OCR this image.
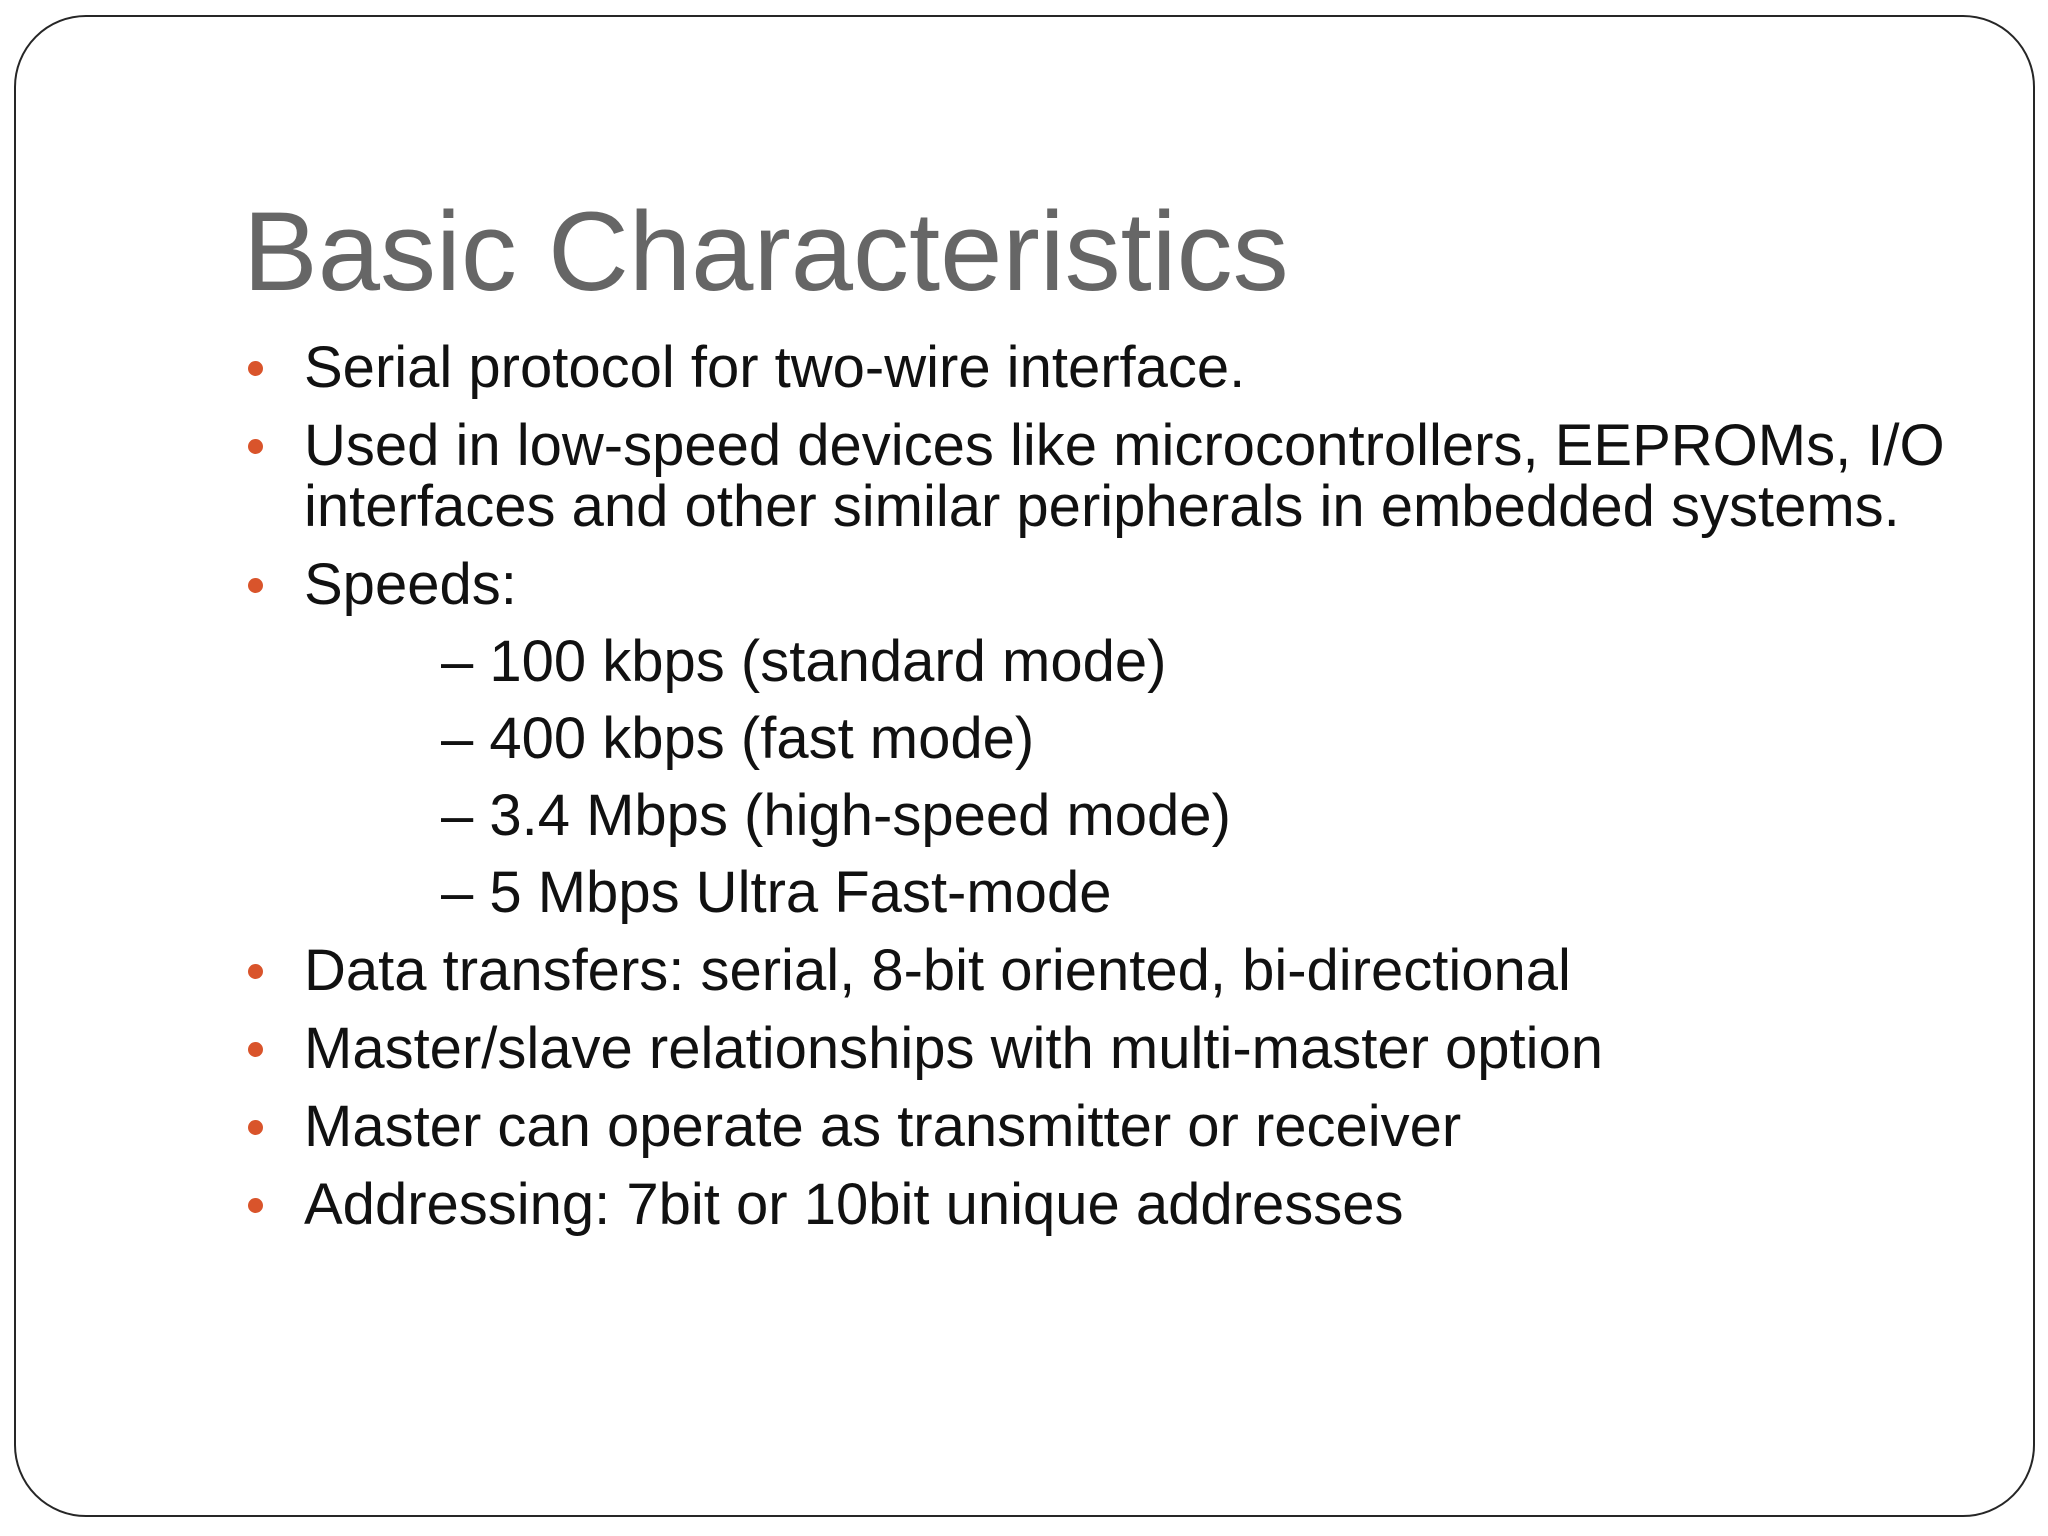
Basic Characteristics
Serial protocol for two-wire interface.
Used in low-speed devices like microcontrollers, EEPROMs, I/O interfaces and other similar peripherals in embedded systems.
Speeds:
– 100 kbps (standard mode)
– 400 kbps (fast mode)
– 3.4 Mbps (high-speed mode)
– 5 Mbps Ultra Fast-mode
Data transfers: serial, 8-bit oriented, bi-directional
Master/slave relationships with multi-master option
Master can operate as transmitter or receiver
Addressing: 7bit or 10bit unique addresses
